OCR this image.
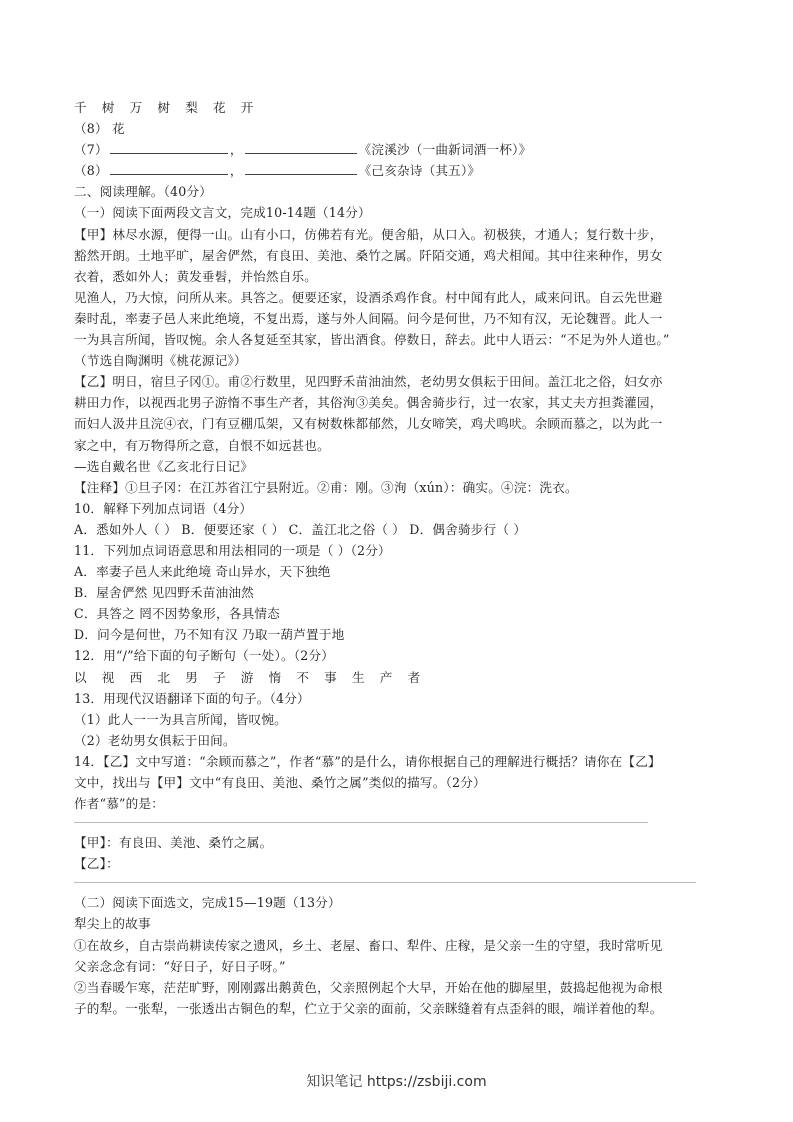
千 树 万 树 梨 花 开
（8） 花
（7）	，	《浣溪沙（一曲新词酒一杯）》
（8）	，	《己亥杂诗（其五）》
二、阅读理解。（40分）
（一）阅读下面两段文言文，完成10-14题（14分）
【甲】林尽水源，便得一山。山有小口，仿佛若有光。便舍船，从口入。初极狭，才通人；复行数十步，
豁然开朗。土地平旷，屋舍俨然，有良田、美池、桑竹之属。阡陌交通，鸡犬相闻。其中往来种作，男女
衣着，悉如外人；黄发垂髫，并怡然自乐。
见渔人，乃大惊，问所从来。具答之。便要还家，设酒杀鸡作食。村中闻有此人，咸来问讯。自云先世避
秦时乱，率妻子邑人来此绝境，不复出焉，遂与外人间隔。问今是何世，乃不知有汉，无论魏晋。此人一
一为具言所闻，皆叹惋。余人各复延至其家，皆出酒食。停数日，辞去。此中人语云：“不足为外人道也。”
（节选自陶渊明《桃花源记》）
【乙】明日，宿旦子冈①。甫②行数里，见四野禾苗油油然，老幼男女俱耘于田间。盖江北之俗，妇女亦
耕田力作，以视西北男子游惰不事生产者，其俗洵③美矣。偶舍骑步行，过一农家，其丈夫方担粪灌园，
而妇人汲井且浣④衣，门有豆棚瓜架，又有树数株都郁然，儿女啼笑，鸡犬鸣吠。余顾而慕之，以为此一
家之中，有万物得所之意，自恨不如远甚也。
—选自戴名世《乙亥北行日记》
【注释】①旦子冈：在江苏省江宁县附近。②甫：刚。③洵（xún）：确实。④浣：洗衣。
10．解释下列加点词语（4分）
A．悉如外人（ ） B．便要还家（ ） C．盖江北之俗（ ） D．偶舍骑步行（ ）
11．下列加点词语意思和用法相同的一项是（ ）（2分）
A．率妻子邑人来此绝境 奇山异水，天下独绝
B．屋舍俨然 见四野禾苗油油然
C．具答之 罔不因势象形，各具情态
D．问今是何世，乃不知有汉 乃取一葫芦置于地
12．用“/”给下面的句子断句（一处）。（2分）
以 视 西 北 男 子 游 惰 不 事 生 产 者
13．用现代汉语翻译下面的句子。（4分）
（1）此人一一为具言所闻，皆叹惋。
（2）老幼男女俱耘于田间。
14．【乙】文中写道：“余顾而慕之”，作者“慕”的是什么，请你根据自己的理解进行概括？请你在【乙】
文中，找出与【甲】文中“有良田、美池、桑竹之属”类似的描写。（2分）
作者“慕”的是：
【甲】：有良田、美池、桑竹之属。
【乙】：
（二）阅读下面选文，完成15—19题（13分）
犁尖上的故事
①在故乡，自古崇尚耕读传家之遗风，乡土、老屋、畜口、犁件、庄稼，是父亲一生的守望，我时常听见
父亲念念有词：“好日子，好日子呀。”
②当春暖乍寒，茫茫旷野，刚刚露出鹅黄色，父亲照例起个大早，开始在他的脚屋里，鼓捣起他视为命根
子的犁。一张犁，一张透出古铜色的犁，伫立于父亲的面前，父亲眯缝着有点歪斜的眼，端详着他的犁。
知识笔记 https://zsbiji.com
